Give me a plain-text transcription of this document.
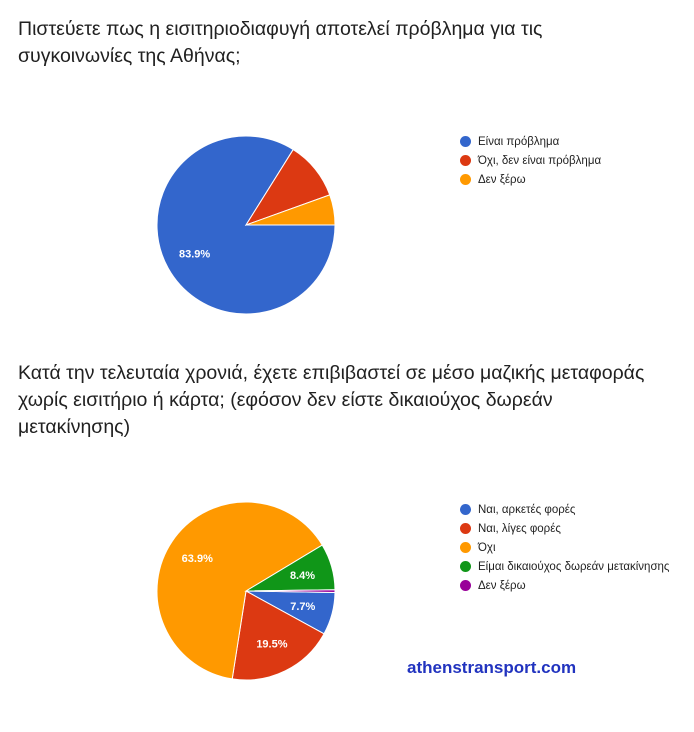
Πιστεύετε πως η εισιτηριοδιαφυγή αποτελεί πρόβλημα για τις συγκοινωνίες της Αθήνας;
83.9%
Είναι πρόβλημα
Όχι, δεν είναι πρόβλημα
Δεν ξέρω
Κατά την τελευταία χρονιά, έχετε επιβιβαστεί σε μέσο μαζικής μεταφοράς χωρίς εισιτήριο ή κάρτα; (εφόσον δεν είστε δικαιούχος δωρεάν μετακίνησης)
7.7%
19.5%
63.9%
8.4%
Ναι, αρκετές φορές
Ναι, λίγες φορές
Όχι
Είμαι δικαιούχος δωρεάν μετακίνησης
Δεν ξέρω
athenstransport.com
